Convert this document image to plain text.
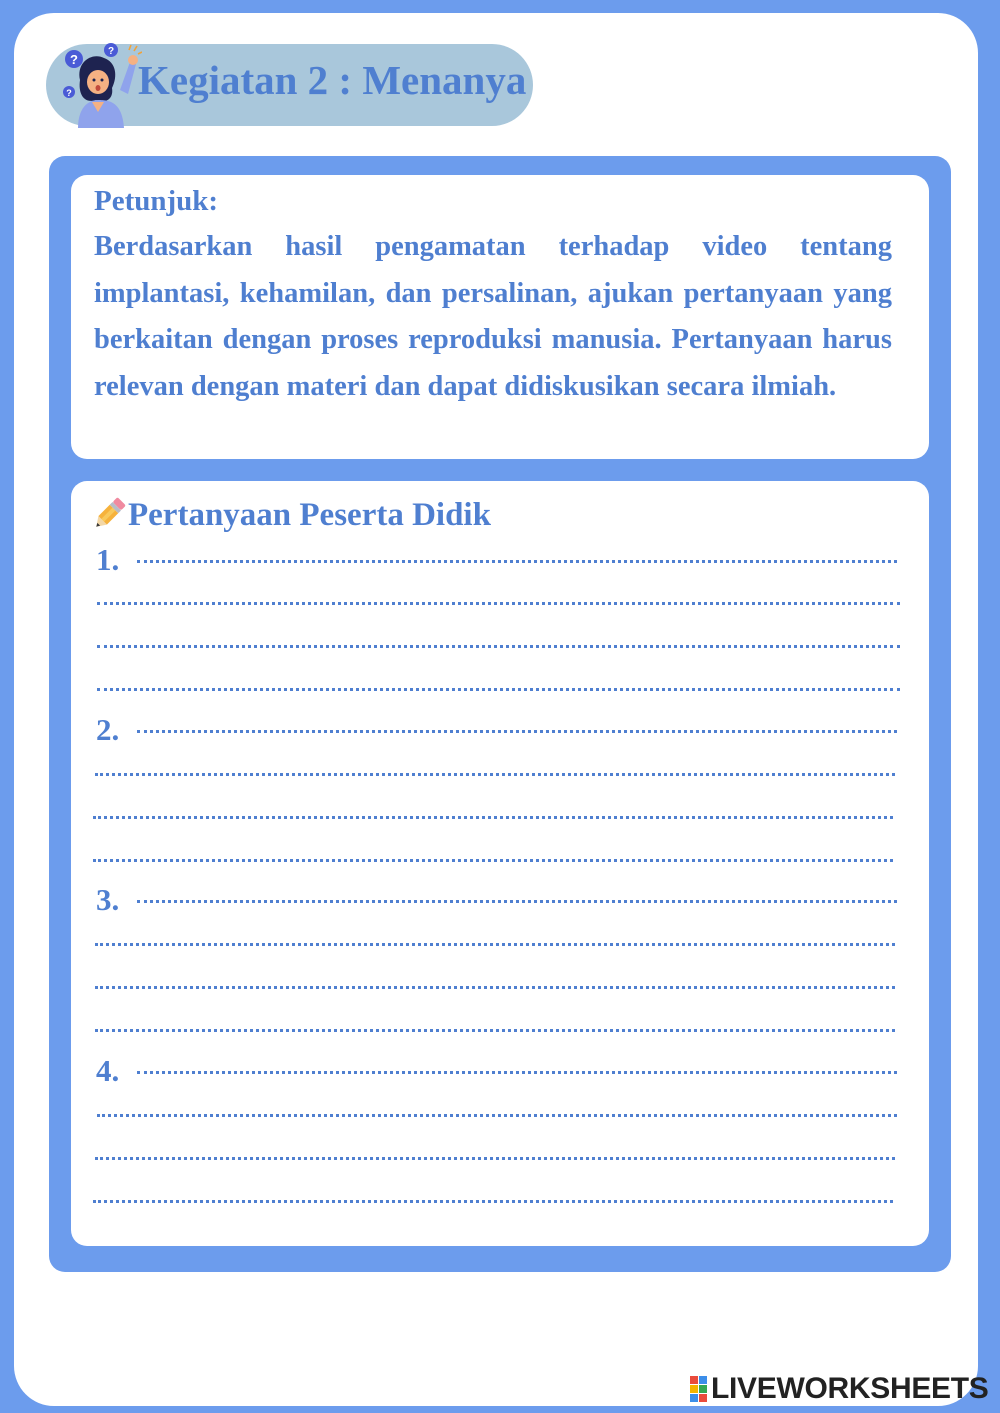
?
?
? Kegiatan 2 : Menanya
Petunjuk:

Berdasarkan hasil pengamatan terhadap video tentang implantasi, kehamilan, dan persalinan, ajukan pertanyaan yang berkaitan dengan proses reproduksi manusia. Pertanyaan harus relevan dengan materi dan dapat didiskusikan secara ilmiah.

Pertanyaan Peserta Didik
1.
2.
3.
4.
LIVEWORKSHEETS
